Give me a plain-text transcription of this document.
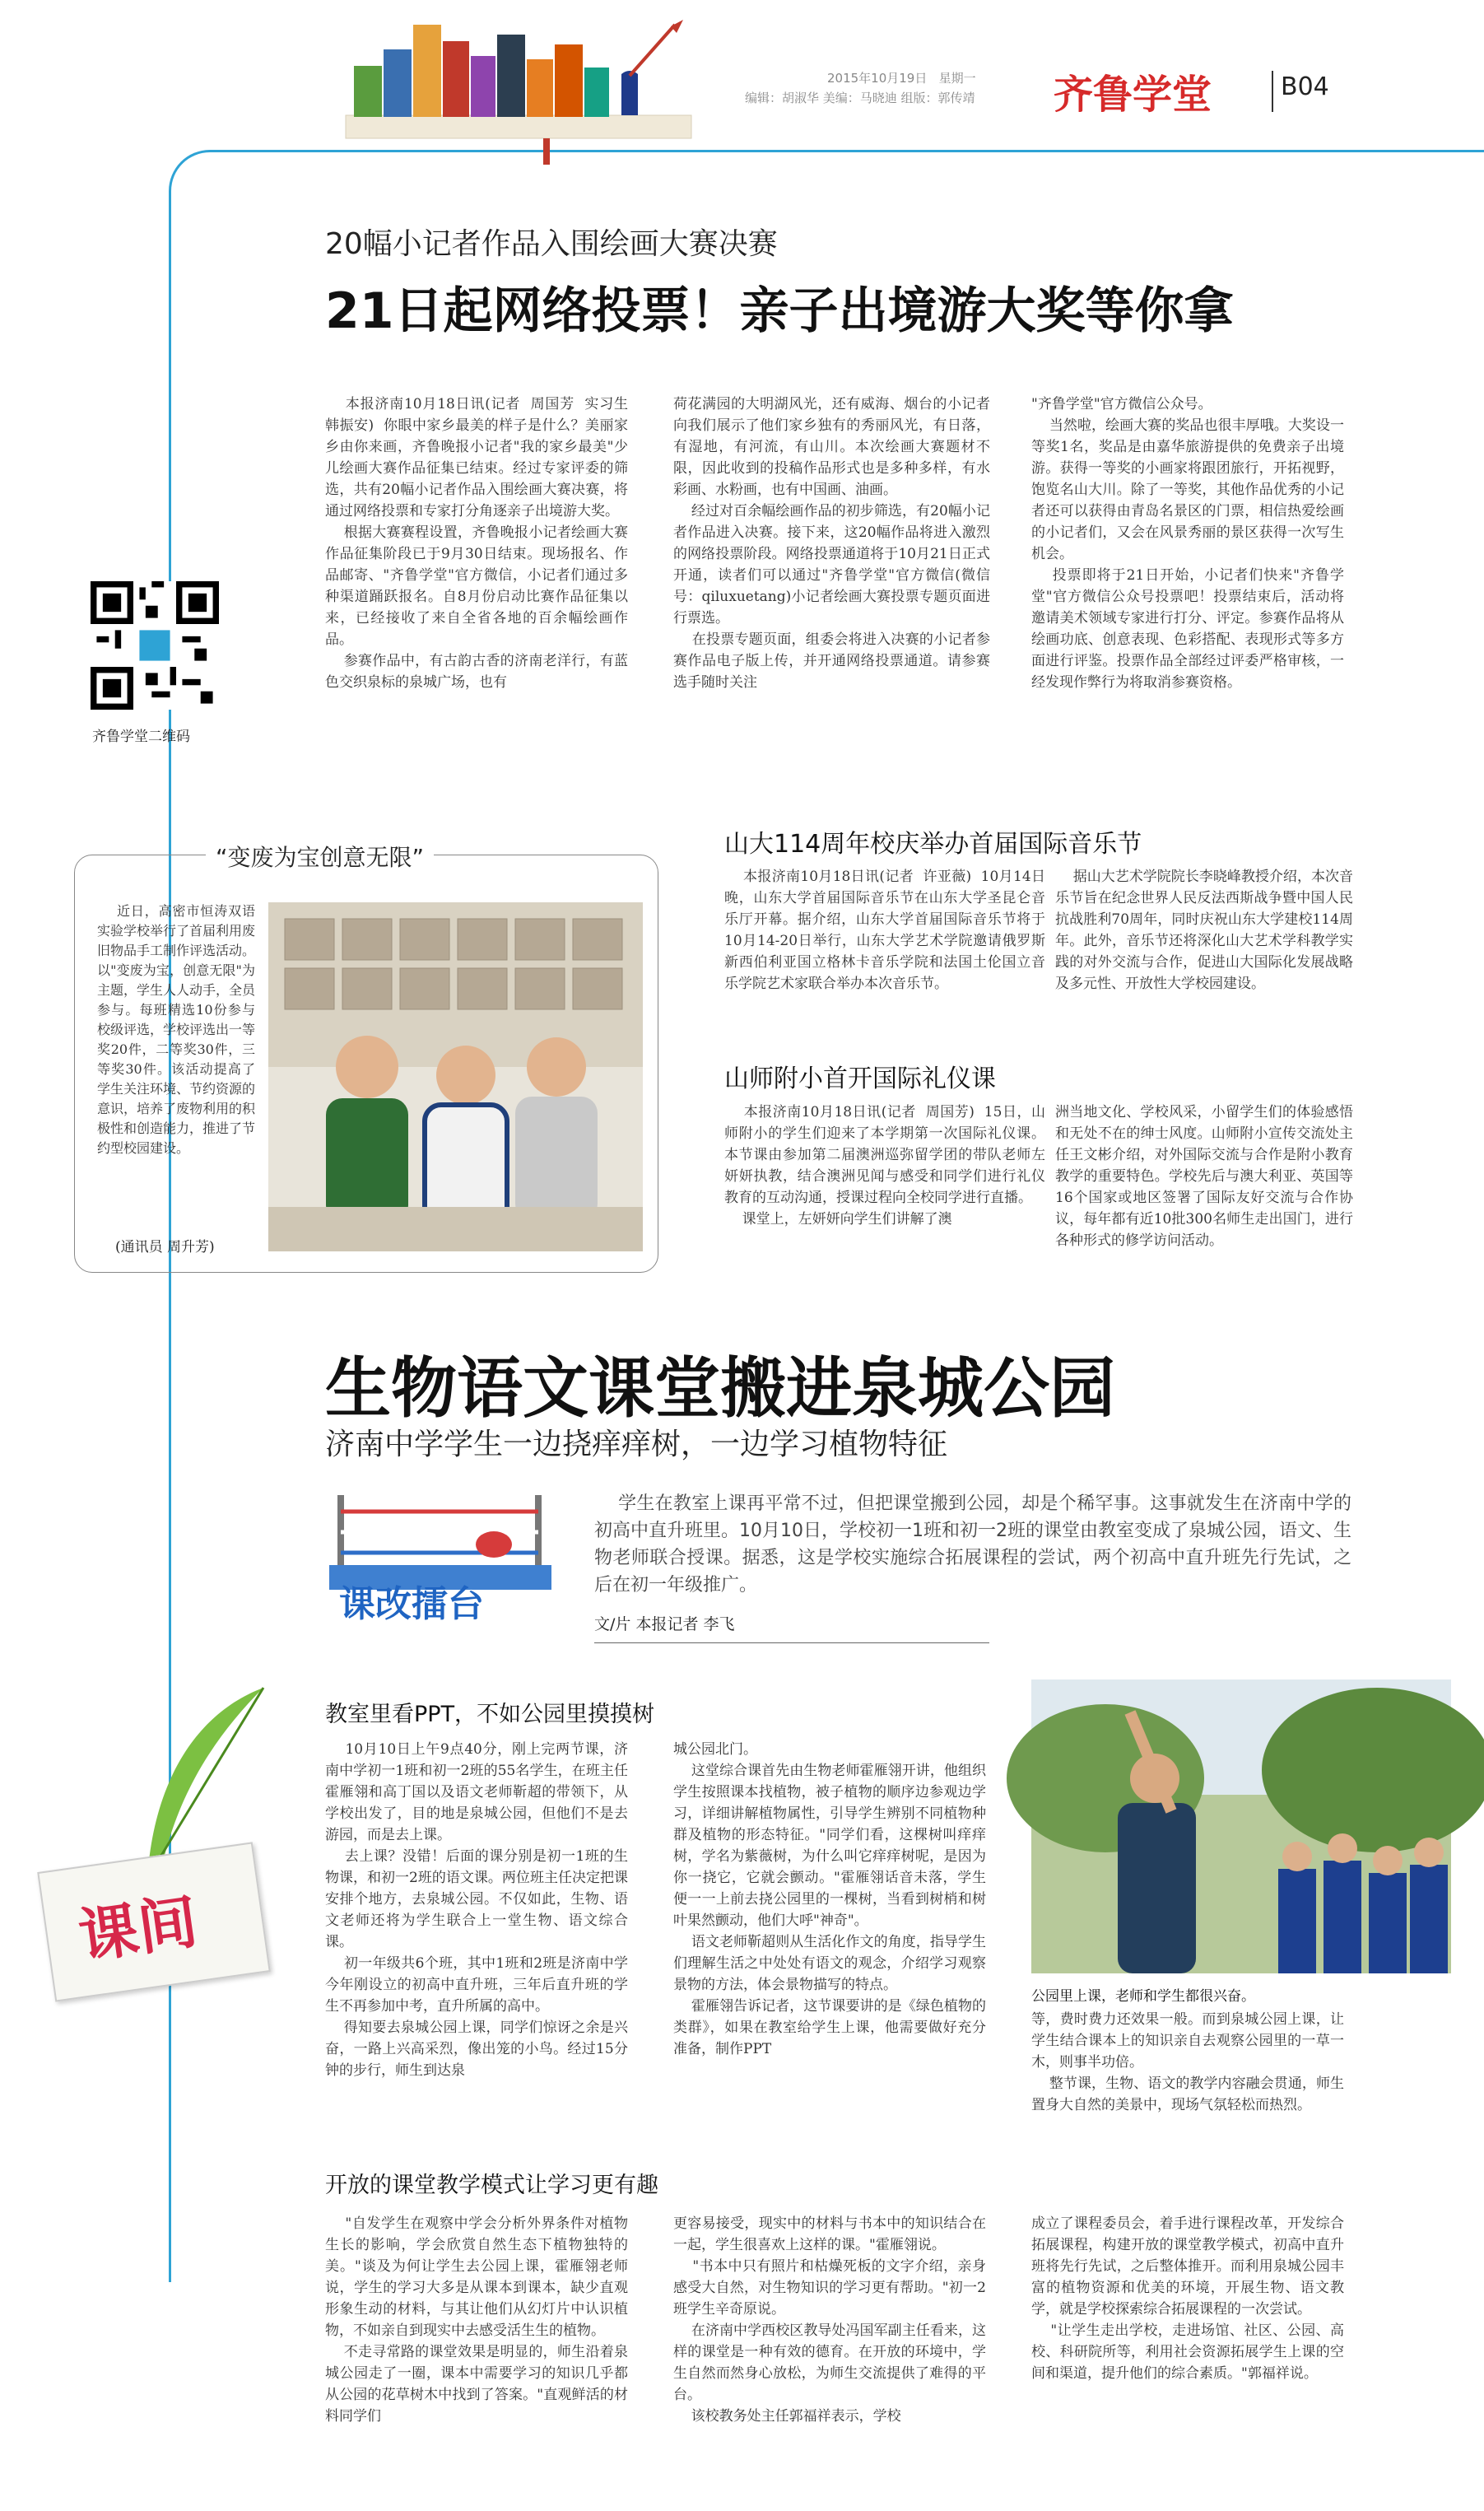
2015年10月19日 星期一
编辑：胡淑华 美编：马晓迪 组版：郭传靖 齐鲁学堂	B04
20幅小记者作品入围绘画大赛决赛
21日起网络投票！亲子出境游大奖等你拿
齐鲁学堂二维码

本报济南10月18日讯(记者  周国芳  实习生  韩振安)  你眼中家乡最美的样子是什么？美丽家乡由你来画，齐鲁晚报小记者"我的家乡最美"少儿绘画大赛作品征集已结束。经过专家评委的筛选，共有20幅小记者作品入围绘画大赛决赛，将通过网络投票和专家打分角逐亲子出境游大奖。
根据大赛赛程设置，齐鲁晚报小记者绘画大赛作品征集阶段已于9月30日结束。现场报名、作品邮寄、"齐鲁学堂"官方微信，小记者们通过多种渠道踊跃报名。自8月份启动比赛作品征集以来，已经接收了来自全省各地的百余幅绘画作品。
参赛作品中，有古韵古香的济南老洋行，有蓝色交织泉标的泉城广场，也有

荷花满园的大明湖风光，还有威海、烟台的小记者向我们展示了他们家乡独有的秀丽风光，有日落，有湿地，有河流，有山川。本次绘画大赛题材不限，因此收到的投稿作品形式也是多种多样，有水彩画、水粉画，也有中国画、油画。
经过对百余幅绘画作品的初步筛选，有20幅小记者作品进入决赛。接下来，这20幅作品将进入激烈的网络投票阶段。网络投票通道将于10月21日正式开通，读者们可以通过"齐鲁学堂"官方微信(微信号：qiluxuetang)小记者绘画大赛投票专题页面进行票选。
在投票专题页面，组委会将进入决赛的小记者参赛作品电子版上传，并开通网络投票通道。请参赛选手随时关注

"齐鲁学堂"官方微信公众号。
当然啦，绘画大赛的奖品也很丰厚哦。大奖设一等奖1名，奖品是由嘉华旅游提供的免费亲子出境游。获得一等奖的小画家将跟团旅行，开拓视野，饱览名山大川。除了一等奖，其他作品优秀的小记者还可以获得由青岛名景区的门票，相信热爱绘画的小记者们，又会在风景秀丽的景区获得一次写生机会。
投票即将于21日开始，小记者们快来"齐鲁学堂"官方微信公众号投票吧！投票结束后，活动将邀请美术领域专家进行打分、评定。参赛作品将从绘画功底、创意表现、色彩搭配、表现形式等多方面进行评鉴。投票作品全部经过评委严格审核，一经发现作弊行为将取消参赛资格。

“变废为宝创意无限”

近日，高密市恒涛双语实验学校举行了首届利用废旧物品手工制作评选活动。以"变废为宝，创意无限"为主题，学生人人动手，全员参与。每班精选10份参与校级评选，学校评选出一等奖20件，二等奖30件，三等奖30件。该活动提高了学生关注环境、节约资源的意识，培养了废物利用的积极性和创造能力，推进了节约型校园建设。

(通讯员 周升芳)
山大114周年校庆举办首届国际音乐节

本报济南10月18日讯(记者  许亚薇)  10月14日晚，山东大学首届国际音乐节在山东大学圣昆仑音乐厅开幕。据介绍，山东大学首届国际音乐节将于10月14-20日举行，山东大学艺术学院邀请俄罗斯新西伯利亚国立格林卡音乐学院和法国土伦国立音乐学院艺术家联合举办本次音乐节。

据山大艺术学院院长李晓峰教授介绍，本次音乐节旨在纪念世界人民反法西斯战争暨中国人民抗战胜利70周年，同时庆祝山东大学建校114周年。此外，音乐节还将深化山大艺术学科教学实践的对外交流与合作，促进山大国际化发展战略及多元性、开放性大学校园建设。

山师附小首开国际礼仪课

本报济南10月18日讯(记者  周国芳)  15日，山师附小的学生们迎来了本学期第一次国际礼仪课。本节课由参加第二届澳洲巡弥留学团的带队老师左妍妍执教，结合澳洲见闻与感受和同学们进行礼仪教育的互动沟通，授课过程向全校同学进行直播。
课堂上，左妍妍向学生们讲解了澳

洲当地文化、学校风采，小留学生们的体验感悟和无处不在的绅士风度。山师附小宣传交流处主任王文彬介绍，对外国际交流与合作是附小教育教学的重要特色。学校先后与澳大利亚、英国等16个国家或地区签署了国际友好交流与合作协议，每年都有近10批300名师生走出国门，进行各种形式的修学访问活动。

生物语文课堂搬进泉城公园
济南中学学生一边挠痒痒树，一边学习植物特征
课改擂台

学生在教室上课再平常不过，但把课堂搬到公园，却是个稀罕事。这事就发生在济南中学的初高中直升班里。10月10日，学校初一1班和初一2班的课堂由教室变成了泉城公园，语文、生物老师联合授课。据悉，这是学校实施综合拓展课程的尝试，两个初高中直升班先行先试，之后在初一年级推广。

文/片 本报记者 李飞
课间
教室里看PPT，不如公园里摸摸树

10月10日上午9点40分，刚上完两节课，济南中学初一1班和初一2班的55名学生，在班主任霍雁翎和高丁国以及语文老师靳超的带领下，从学校出发了，目的地是泉城公园，但他们不是去游园，而是去上课。
去上课？没错！后面的课分别是初一1班的生物课，和初一2班的语文课。两位班主任决定把课安排个地方，去泉城公园。不仅如此，生物、语文老师还将为学生联合上一堂生物、语文综合课。
初一年级共6个班，其中1班和2班是济南中学今年刚设立的初高中直升班，三年后直升班的学生不再参加中考，直升所属的高中。
得知要去泉城公园上课，同学们惊讶之余是兴奋，一路上兴高采烈，像出笼的小鸟。经过15分钟的步行，师生到达泉

城公园北门。
这堂综合课首先由生物老师霍雁翎开讲，他组织学生按照课本找植物，被子植物的顺序边参观边学习，详细讲解植物属性，引导学生辨别不同植物种群及植物的形态特征。"同学们看，这棵树叫痒痒树，学名为紫薇树，为什么叫它痒痒树呢，是因为你一挠它，它就会颤动。"霍雁翎话音未落，学生便一一上前去挠公园里的一棵树，当看到树梢和树叶果然颤动，他们大呼"神奇"。
语文老师靳超则从生活化作文的角度，指导学生们理解生活之中处处有语文的观念，介绍学习观察景物的方法，体会景物描写的特点。
霍雁翎告诉记者，这节课要讲的是《绿色植物的类群》，如果在教室给学生上课，他需要做好充分准备，制作PPT

公园里上课，老师和学生都很兴奋。

等，费时费力还效果一般。而到泉城公园上课，让学生结合课本上的知识亲自去观察公园里的一草一木，则事半功倍。
整节课，生物、语文的教学内容融会贯通，师生置身大自然的美景中，现场气氛轻松而热烈。

开放的课堂教学模式让学习更有趣

"自发学生在观察中学会分析外界条件对植物生长的影响，学会欣赏自然生态下植物独特的美。"谈及为何让学生去公园上课，霍雁翎老师说，学生的学习大多是从课本到课本，缺少直观形象生动的材料，与其让他们从幻灯片中认识植物，不如亲自到现实中去感受活生生的植物。
不走寻常路的课堂效果是明显的，师生沿着泉城公园走了一圈，课本中需要学习的知识几乎都从公园的花草树木中找到了答案。"直观鲜活的材料同学们

更容易接受，现实中的材料与书本中的知识结合在一起，学生很喜欢上这样的课。"霍雁翎说。
"书本中只有照片和枯燥死板的文字介绍，亲身感受大自然，对生物知识的学习更有帮助。"初一2班学生辛奇原说。
在济南中学西校区教导处冯国军副主任看来，这样的课堂是一种有效的德育。在开放的环境中，学生自然而然身心放松，为师生交流提供了难得的平台。
该校教务处主任郭福祥表示，学校

成立了课程委员会，着手进行课程改革，开发综合拓展课程，构建开放的课堂教学模式，初高中直升班将先行先试，之后整体推开。而利用泉城公园丰富的植物资源和优美的环境，开展生物、语文教学，就是学校探索综合拓展课程的一次尝试。
"让学生走出学校，走进场馆、社区、公园、高校、科研院所等，利用社会资源拓展学生上课的空间和渠道，提升他们的综合素质。"郭福祥说。
